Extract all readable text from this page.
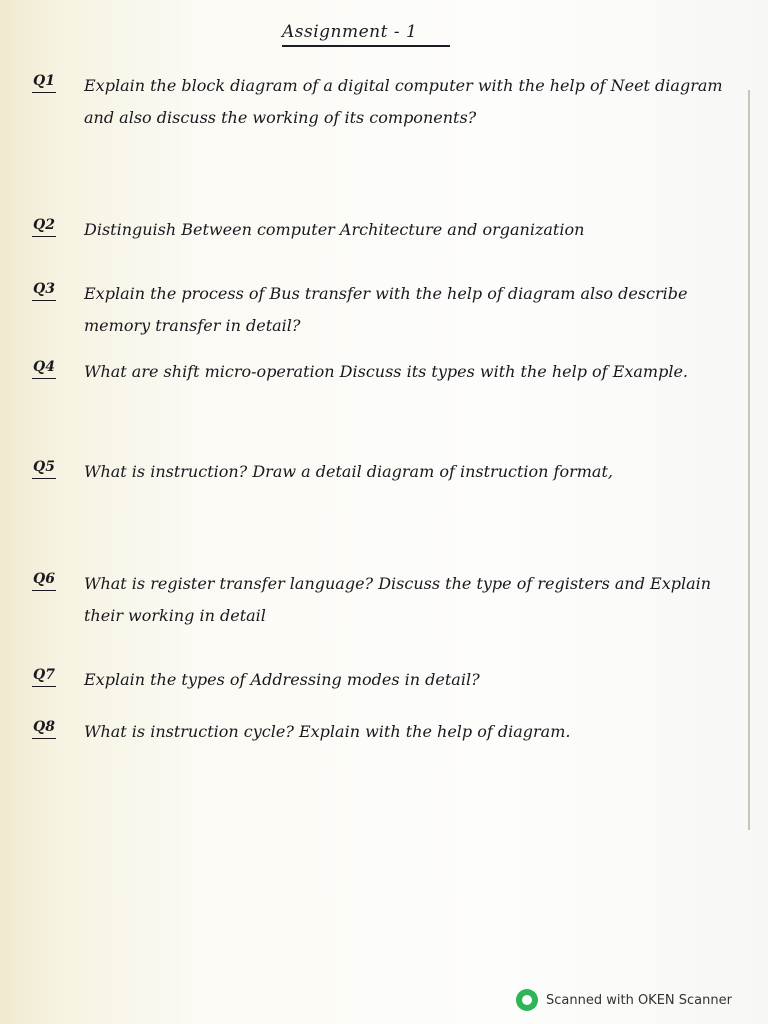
Assignment - 1
Q1 Explain the block diagram of a digital computer with the help of Neet diagram and also discuss the working of its components?
Q2 Distinguish Between computer Architecture and organization
Q3 Explain the process of Bus transfer with the help of diagram also describe memory transfer in detail?
Q4 What are shift micro-operation Discuss its types with the help of Example.
Q5 What is instruction? Draw a detail diagram of instruction format,
Q6 What is register transfer language? Discuss the type of registers and Explain their working in detail
Q7 Explain the types of Addressing modes in detail?
Q8 What is instruction cycle? Explain with the help of diagram.
Scanned with OKEN Scanner
